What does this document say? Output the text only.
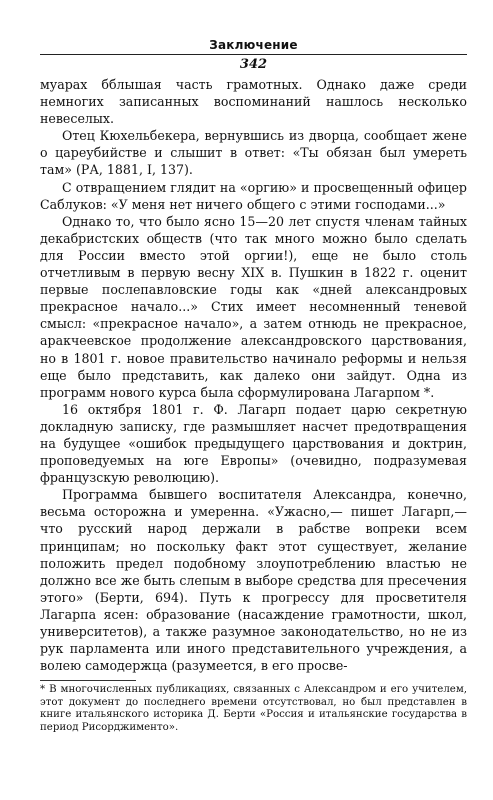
Заключение
342

муарах бблышая часть грамотных. Однако даже среди немногих записанных воспоминаний нашлось несколько невеселых.

Отец Кюхельбекера, вернувшись из дворца, сообщает жене о цареубийстве и слышит в ответ: «Ты обязан был умереть там» (РА, 1881, I, 137).

С отвращением глядит на «оргию» и просвещенный офицер Саблуков: «У меня нет ничего общего с этими господами...»

Однако то, что было ясно 15—20 лет спустя членам тайных декабристских обществ (что так много можно было сделать для России вместо этой оргии!), еще не было столь отчетливым в первую весну XIX в. Пушкин в 1822 г. оценит первые послепавловские годы как «дней александровых прекрасное начало...» Стих имеет несомненный теневой смысл: «прекрасное начало», а затем отнюдь не прекрасное, аракчеевское продолжение александровского царствования, но в 1801 г. новое правительство начинало реформы и нельзя еще было представить, как далеко они зайдут. Одна из программ нового курса была сформулирована Лагарпом *.

16 октября 1801 г. Ф. Лагарп подает царю секретную докладную записку, где размышляет насчет предотвращения на будущее «ошибок предыдущего царствования и доктрин, проповедуемых на юге Европы» (очевидно, подразумевая французскую революцию).

Программа бывшего воспитателя Александра, конечно, весьма осторожна и умеренна. «Ужасно,— пишет Лагарп,— что русский народ держали в рабстве вопреки всем принципам; но поскольку факт этот существует, желание положить предел подобному злоупотреблению властью не должно все же быть слепым в выборе средства для пресечения этого» (Берти, 694). Путь к прогрессу для просветителя Лагарпа ясен: образование (насаждение грамотности, школ, университетов), а также разумное законодательство, но не из рук парламента или иного представительного учреждения, а волею самодержца (разумеется, в его просве-

* В многочисленных публикациях, связанных с Александром и его учителем, этот документ до последнего времени отсутствовал, но был представлен в книге итальянского историка Д. Берти «Россия и итальянские государства в период Рисорджименто».
